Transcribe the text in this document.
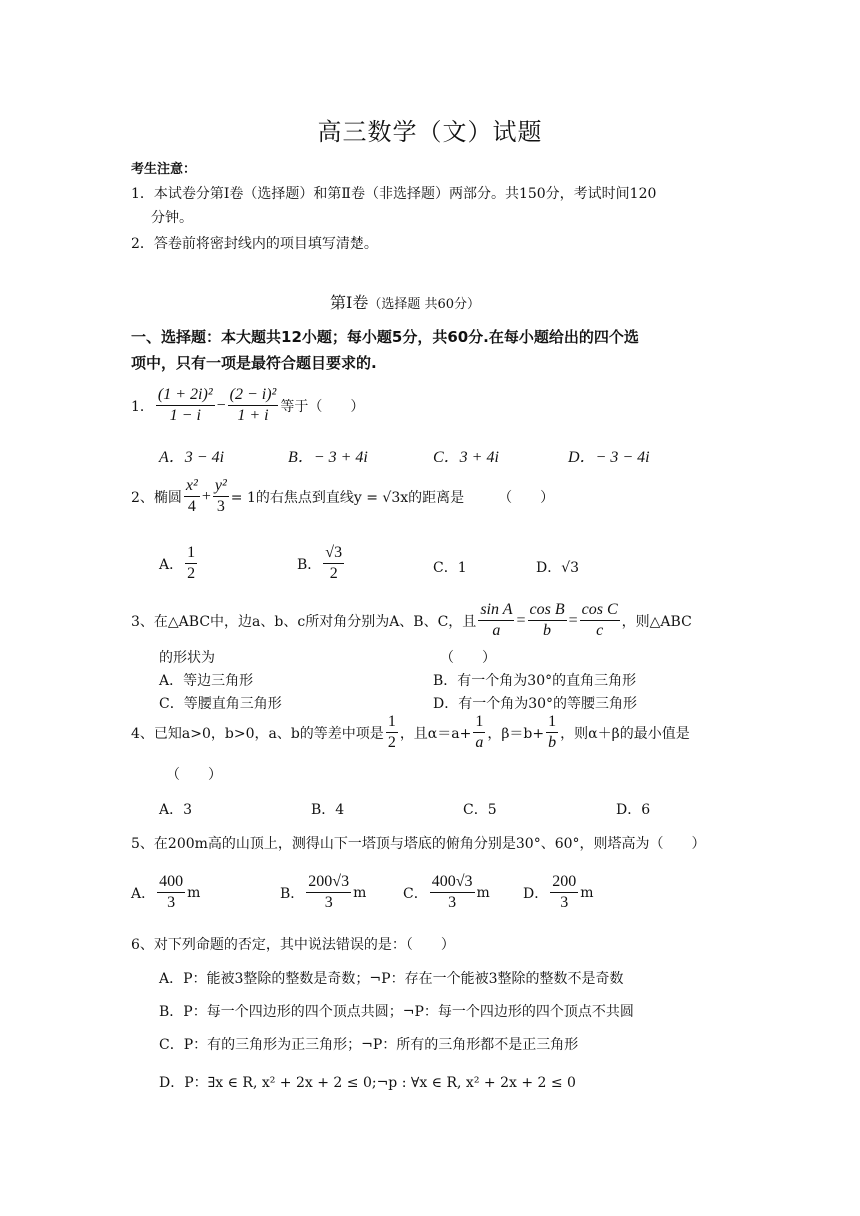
高三数学（文）试题
考生注意：
1．本试卷分第Ⅰ卷（选择题）和第Ⅱ卷（非选择题）两部分。共150分，考试时间120
分钟。
2．答卷前将密封线内的项目填写清楚。
第Ⅰ卷（选择题 共60分）
一、选择题：本大题共12小题；每小题5分，共60分.在每小题给出的四个选
项中，只有一项是最符合题目要求的.
1． $\frac{\text{(1 + 2i)²}}{1 - i} - \frac{\text{(2 − i)²}}{1 + i}$ 等于（　　）
A．3 − 4i	B．− 3 + 4i	C．3 + 4i	D．− 3 − 4i
2、椭圆 $\frac{\text{x²}}{4} + \frac{\text{y²}}{3} = 1$的右焦点到直线y = √3x的距离是 （　　）
A． $\frac{1}{2}$	B． $\frac{√3}{2}$	C．1	D．√3
3、在△ABC中，边a、b、c所对角分别为A、B、C，且 $\frac{\text{sin A}}{a} = \frac{\text{cos B}}{b} = \frac{\text{cos C}}{c}$ ，则△ABC
的形状为	（　　）
A．等边三角形	B．有一个角为30°的直角三角形
C．等腰直角三角形	D．有一个角为30°的等腰三角形
4、已知a>0，b>0，a、b的等差中项是 $\frac{1}{2}$ ，且$\alpha=a+ \frac{1}{a}$ ，$\beta=b+ \frac{1}{b}$ ，则α＋β的最小值是
（　　）
A．3	B．4	C．5	D．6
5、在200m高的山顶上，测得山下一塔顶与塔底的俯角分别是30°、60°，则塔高为（　　）
A． $\frac{400}{3}$ m	B． $\frac{200√3}{3}$ m	C． $\frac{400√3}{3}$ m D． $\frac{200}{3}$ m
6、对下列命题的否定，其中说法错误的是：（　　）
A．P：能被3整除的整数是奇数；¬P：存在一个能被3整除的整数不是奇数
B．P：每一个四边形的四个顶点共圆；¬P：每一个四边形的四个顶点不共圆
C．P：有的三角形为正三角形；¬P：所有的三角形都不是正三角形
D．P：∃x ∈ R, x² + 2x + 2 ≤ 0;¬p : ∀x ∈ R, x² + 2x + 2 ≤ 0
